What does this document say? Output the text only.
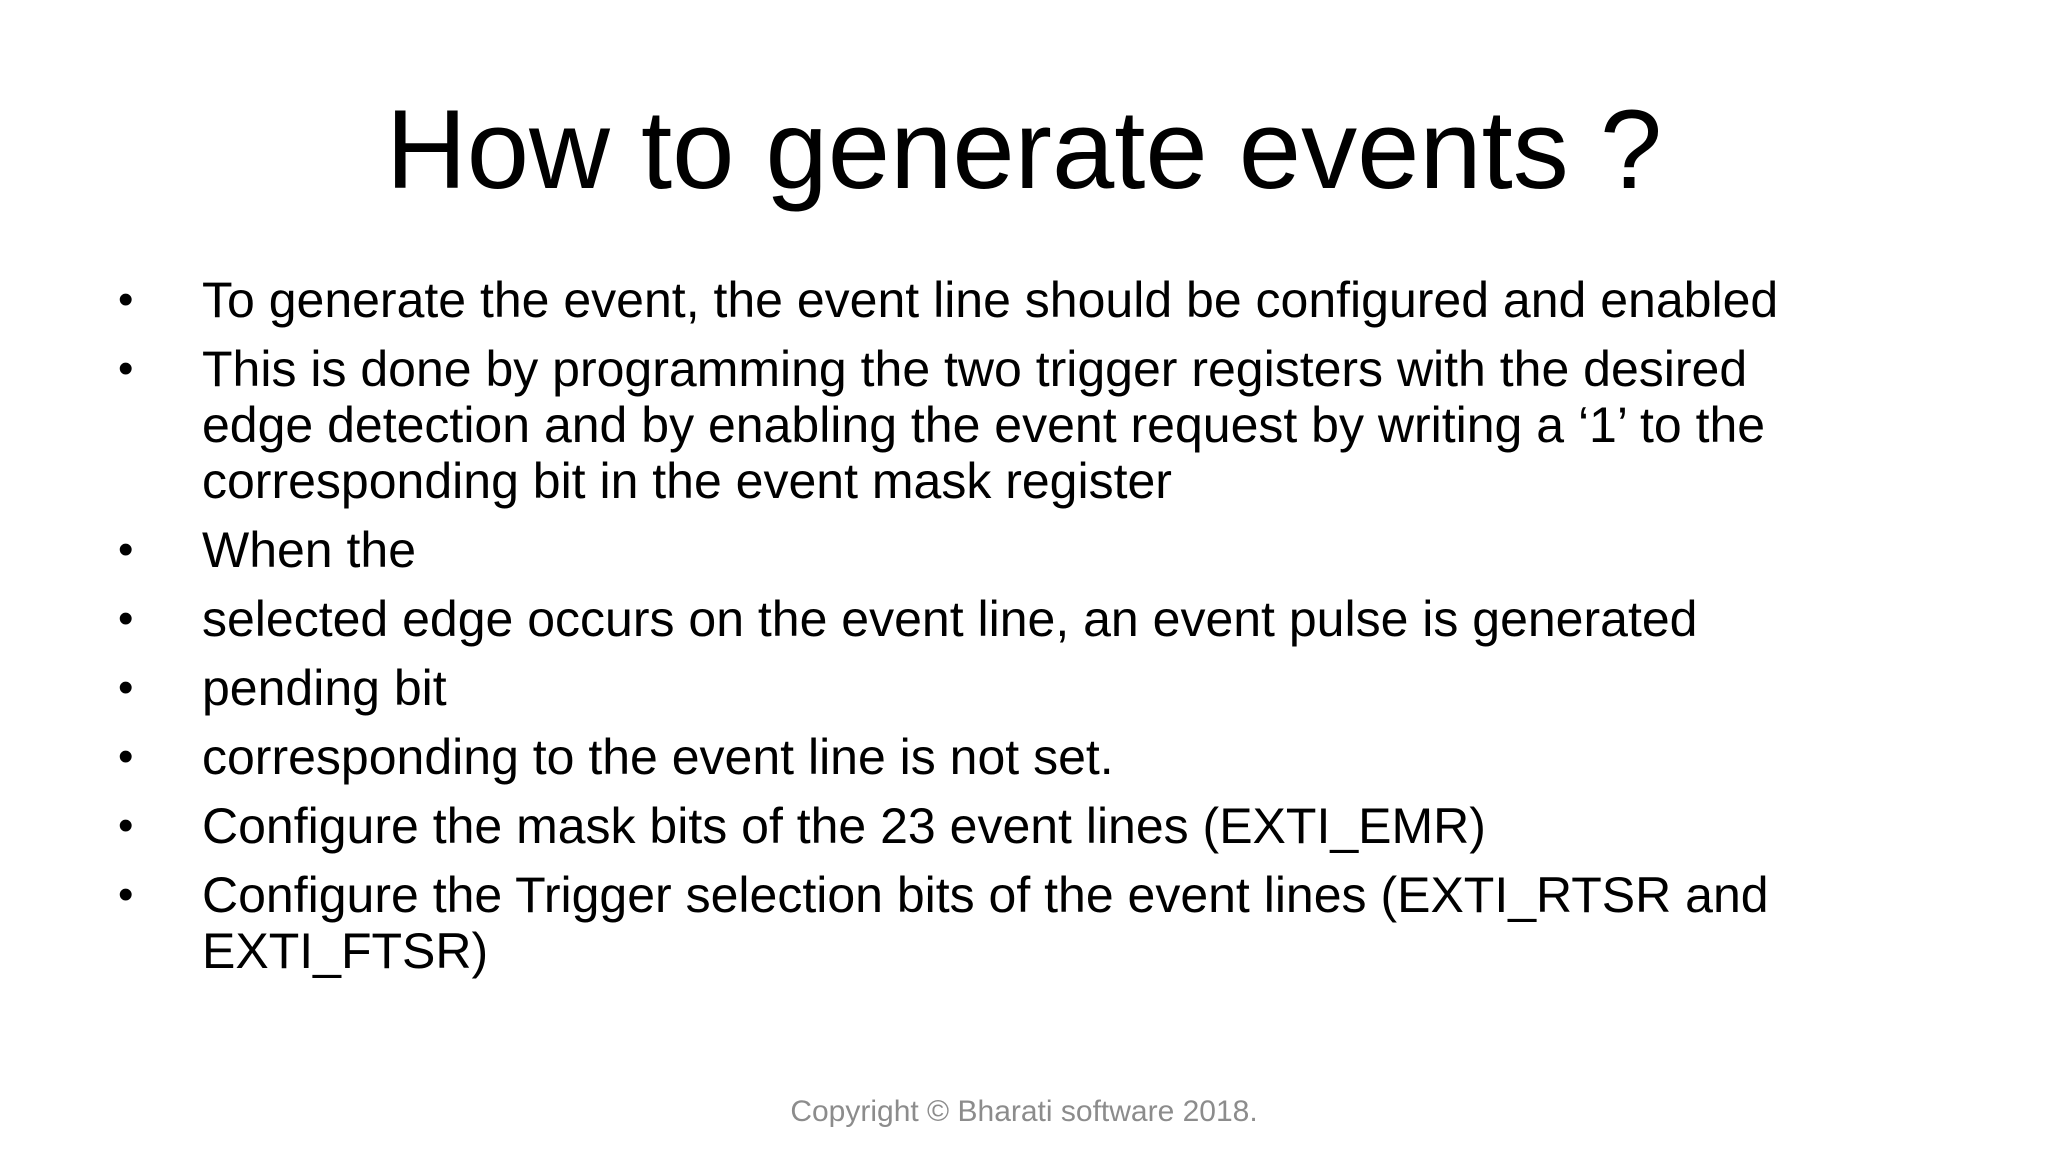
How to generate events ?
•	To generate the event, the event line should be configured and enabled
•	This is done by programming the two trigger registers with the desired
edge detection and by enabling the event request by writing a ‘1’ to the
corresponding bit in the event mask register
•	When the
•	selected edge occurs on the event line, an event pulse is generated
•	pending bit
•	corresponding to the event line is not set.
•	Configure the mask bits of the 23 event lines (EXTI_EMR)
•	Configure the Trigger selection bits of the event lines (EXTI_RTSR and
EXTI_FTSR)
Copyright © Bharati software 2018.
